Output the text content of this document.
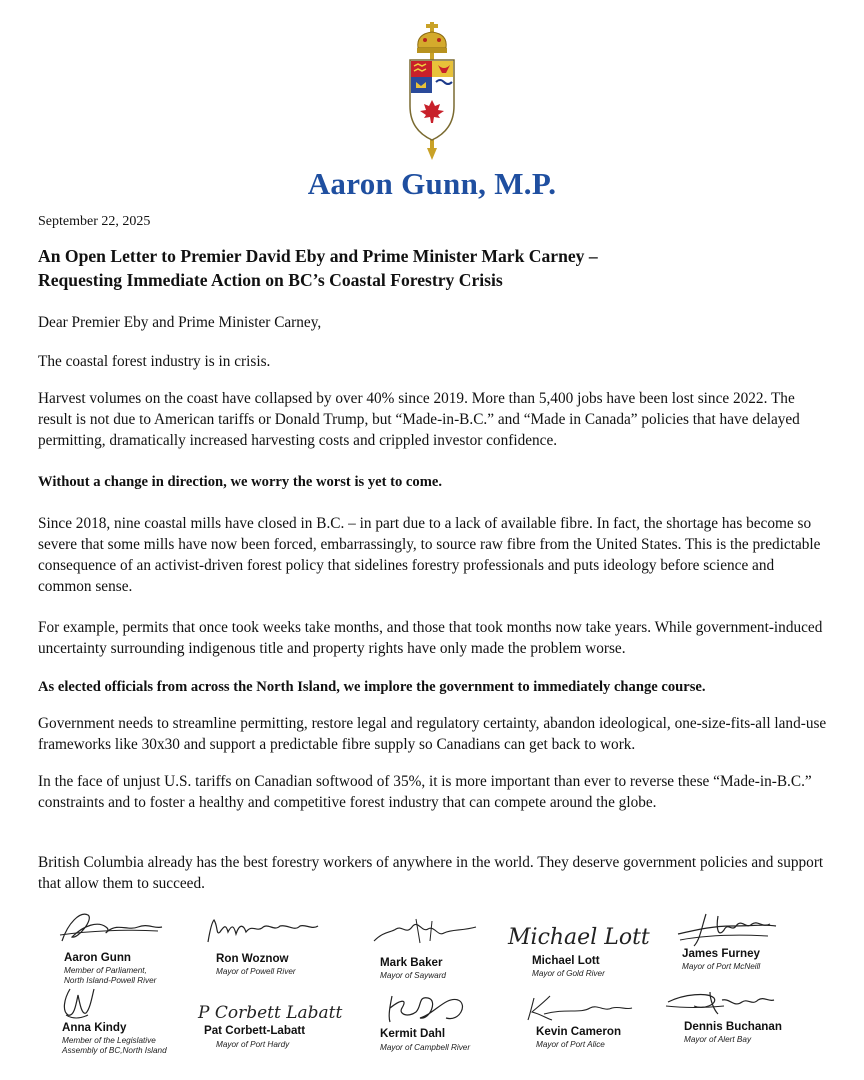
Aaron Gunn, M.P.
September 22, 2025
An Open Letter to Premier David Eby and Prime Minister Mark Carney –
Requesting Immediate Action on BC’s Coastal Forestry Crisis

Dear Premier Eby and Prime Minister Carney,

The coastal forest industry is in crisis.

Harvest volumes on the coast have collapsed by over 40% since 2019. More than 5,400 jobs have been lost since 2022. The result is not due to American tariffs or Donald Trump, but “Made-in-B.C.” and “Made in Canada” policies that have delayed permitting, dramatically increased harvesting costs and crippled investor confidence.

Without a change in direction, we worry the worst is yet to come.

Since 2018, nine coastal mills have closed in B.C. – in part due to a lack of available fibre. In fact, the shortage has become so severe that some mills have now been forced, embarrassingly, to source raw fibre from the United States. This is the predictable consequence of an activist-driven forest policy that sidelines forestry professionals and puts ideology before science and common sense.

For example, permits that once took weeks take months, and those that took months now take years. While government-induced uncertainty surrounding indigenous title and property rights have only made the problem worse.

As elected officials from across the North Island, we implore the government to immediately change course.

Government needs to streamline permitting, restore legal and regulatory certainty, abandon ideological, one-size-fits-all land-use frameworks like 30x30 and support a predictable fibre supply so Canadians can get back to work.

In the face of unjust U.S. tariffs on Canadian softwood of 35%, it is more important than ever to reverse these “Made-in-B.C.” constraints and to foster a healthy and competitive forest industry that can compete around the globe.

British Columbia already has the best forestry workers of anywhere in the world. They deserve government policies and support that allow them to succeed.

Aaron Gunn
Member of Parliament,
North Island-Powell River
Ron Woznow
Mayor of Powell River
Mark Baker
Mayor of Sayward
Michael Lott
Michael Lott
Mayor of Gold River
James Furney
Mayor of Port McNeill
Anna Kindy
Member of the Legislative
Assembly of BC,North Island
P Corbett Labatt
Pat Corbett-Labatt
Mayor of Port Hardy
Kermit Dahl
Mayor of Campbell River
Kevin Cameron
Mayor of Port Alice
Dennis Buchanan
Mayor of Alert Bay
